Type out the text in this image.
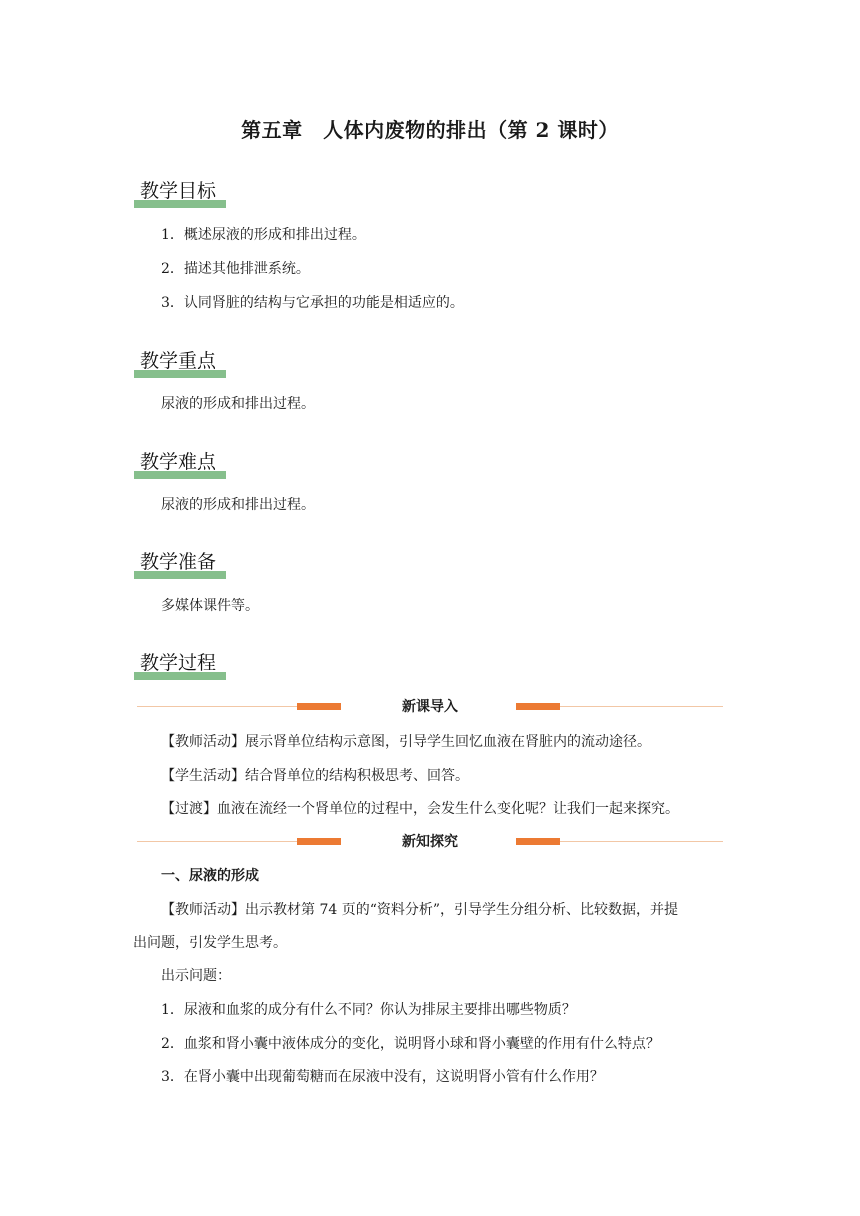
第五章　人体内废物的排出（第 2 课时）
教学目标
1．概述尿液的形成和排出过程。
2．描述其他排泄系统。
3．认同肾脏的结构与它承担的功能是相适应的。
教学重点
尿液的形成和排出过程。
教学难点
尿液的形成和排出过程。
教学准备
多媒体课件等。
教学过程
新课导入
【教师活动】展示肾单位结构示意图，引导学生回忆血液在肾脏内的流动途径。
【学生活动】结合肾单位的结构积极思考、回答。
【过渡】血液在流经一个肾单位的过程中，会发生什么变化呢？让我们一起来探究。
新知探究
一、尿液的形成
【教师活动】出示教材第 74 页的“资料分析”，引导学生分组分析、比较数据，并提
出问题，引发学生思考。
出示问题：
1．尿液和血浆的成分有什么不同？你认为排尿主要排出哪些物质？
2．血浆和肾小囊中液体成分的变化，说明肾小球和肾小囊壁的作用有什么特点？
3．在肾小囊中出现葡萄糖而在尿液中没有，这说明肾小管有什么作用？
